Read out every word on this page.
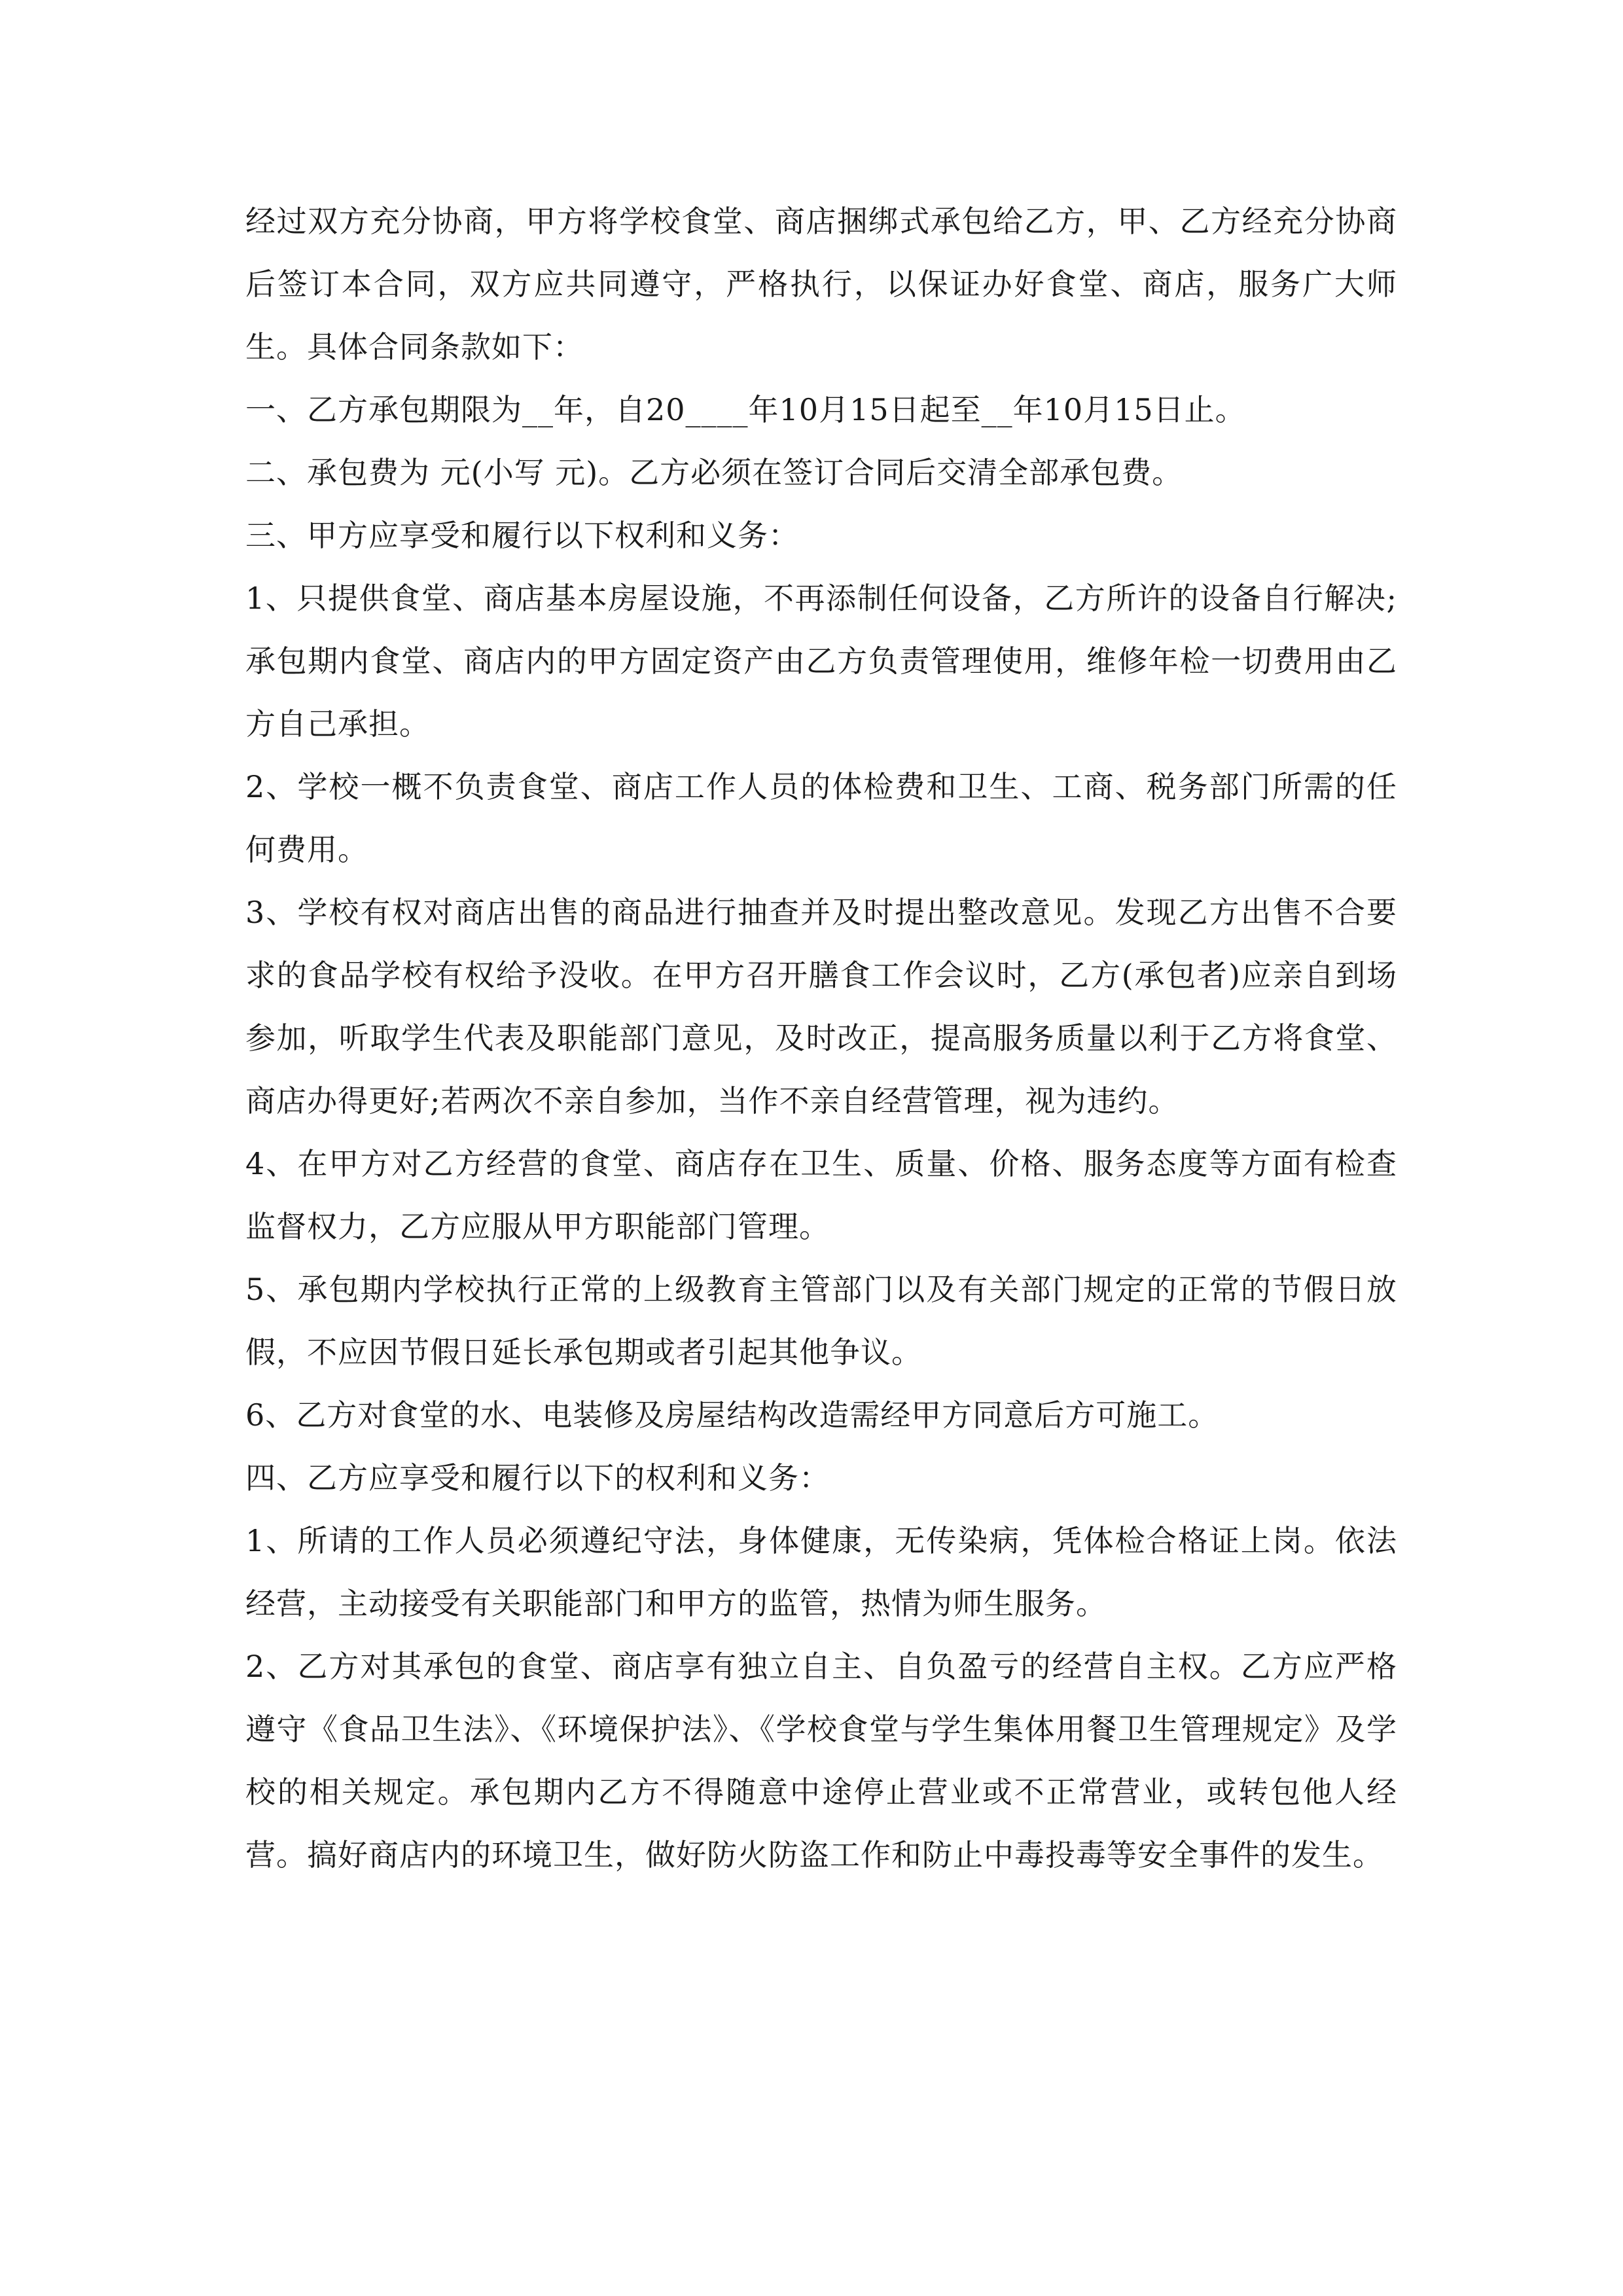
经过双方充分协商，甲方将学校食堂、商店捆绑式承包给乙方，甲、乙方经充分协商后签订本合同，双方应共同遵守，严格执行，以保证办好食堂、商店，服务广大师生。具体合同条款如下：

一、乙方承包期限为__年，自20____年10月15日起至__年10月15日止。

二、承包费为 元(小写 元)。乙方必须在签订合同后交清全部承包费。

三、甲方应享受和履行以下权利和义务：

1、只提供食堂、商店基本房屋设施，不再添制任何设备，乙方所许的设备自行解决;承包期内食堂、商店内的甲方固定资产由乙方负责管理使用，维修年检一切费用由乙方自己承担。

2、学校一概不负责食堂、商店工作人员的体检费和卫生、工商、税务部门所需的任何费用。

3、学校有权对商店出售的商品进行抽查并及时提出整改意见。发现乙方出售不合要求的食品学校有权给予没收。在甲方召开膳食工作会议时，乙方(承包者)应亲自到场参加，听取学生代表及职能部门意见，及时改正，提高服务质量以利于乙方将食堂、商店办得更好;若两次不亲自参加，当作不亲自经营管理，视为违约。

4、在甲方对乙方经营的食堂、商店存在卫生、质量、价格、服务态度等方面有检查监督权力，乙方应服从甲方职能部门管理。

5、承包期内学校执行正常的上级教育主管部门以及有关部门规定的正常的节假日放假，不应因节假日延长承包期或者引起其他争议。

6、乙方对食堂的水、电装修及房屋结构改造需经甲方同意后方可施工。

四、乙方应享受和履行以下的权利和义务：

1、所请的工作人员必须遵纪守法，身体健康，无传染病，凭体检合格证上岗。依法经营，主动接受有关职能部门和甲方的监管，热情为师生服务。

2、乙方对其承包的食堂、商店享有独立自主、自负盈亏的经营自主权。乙方应严格遵守《食品卫生法》、《环境保护法》、《学校食堂与学生集体用餐卫生管理规定》及学校的相关规定。承包期内乙方不得随意中途停止营业或不正常营业，或转包他人经营。搞好商店内的环境卫生，做好防火防盗工作和防止中毒投毒等安全事件的发生。
